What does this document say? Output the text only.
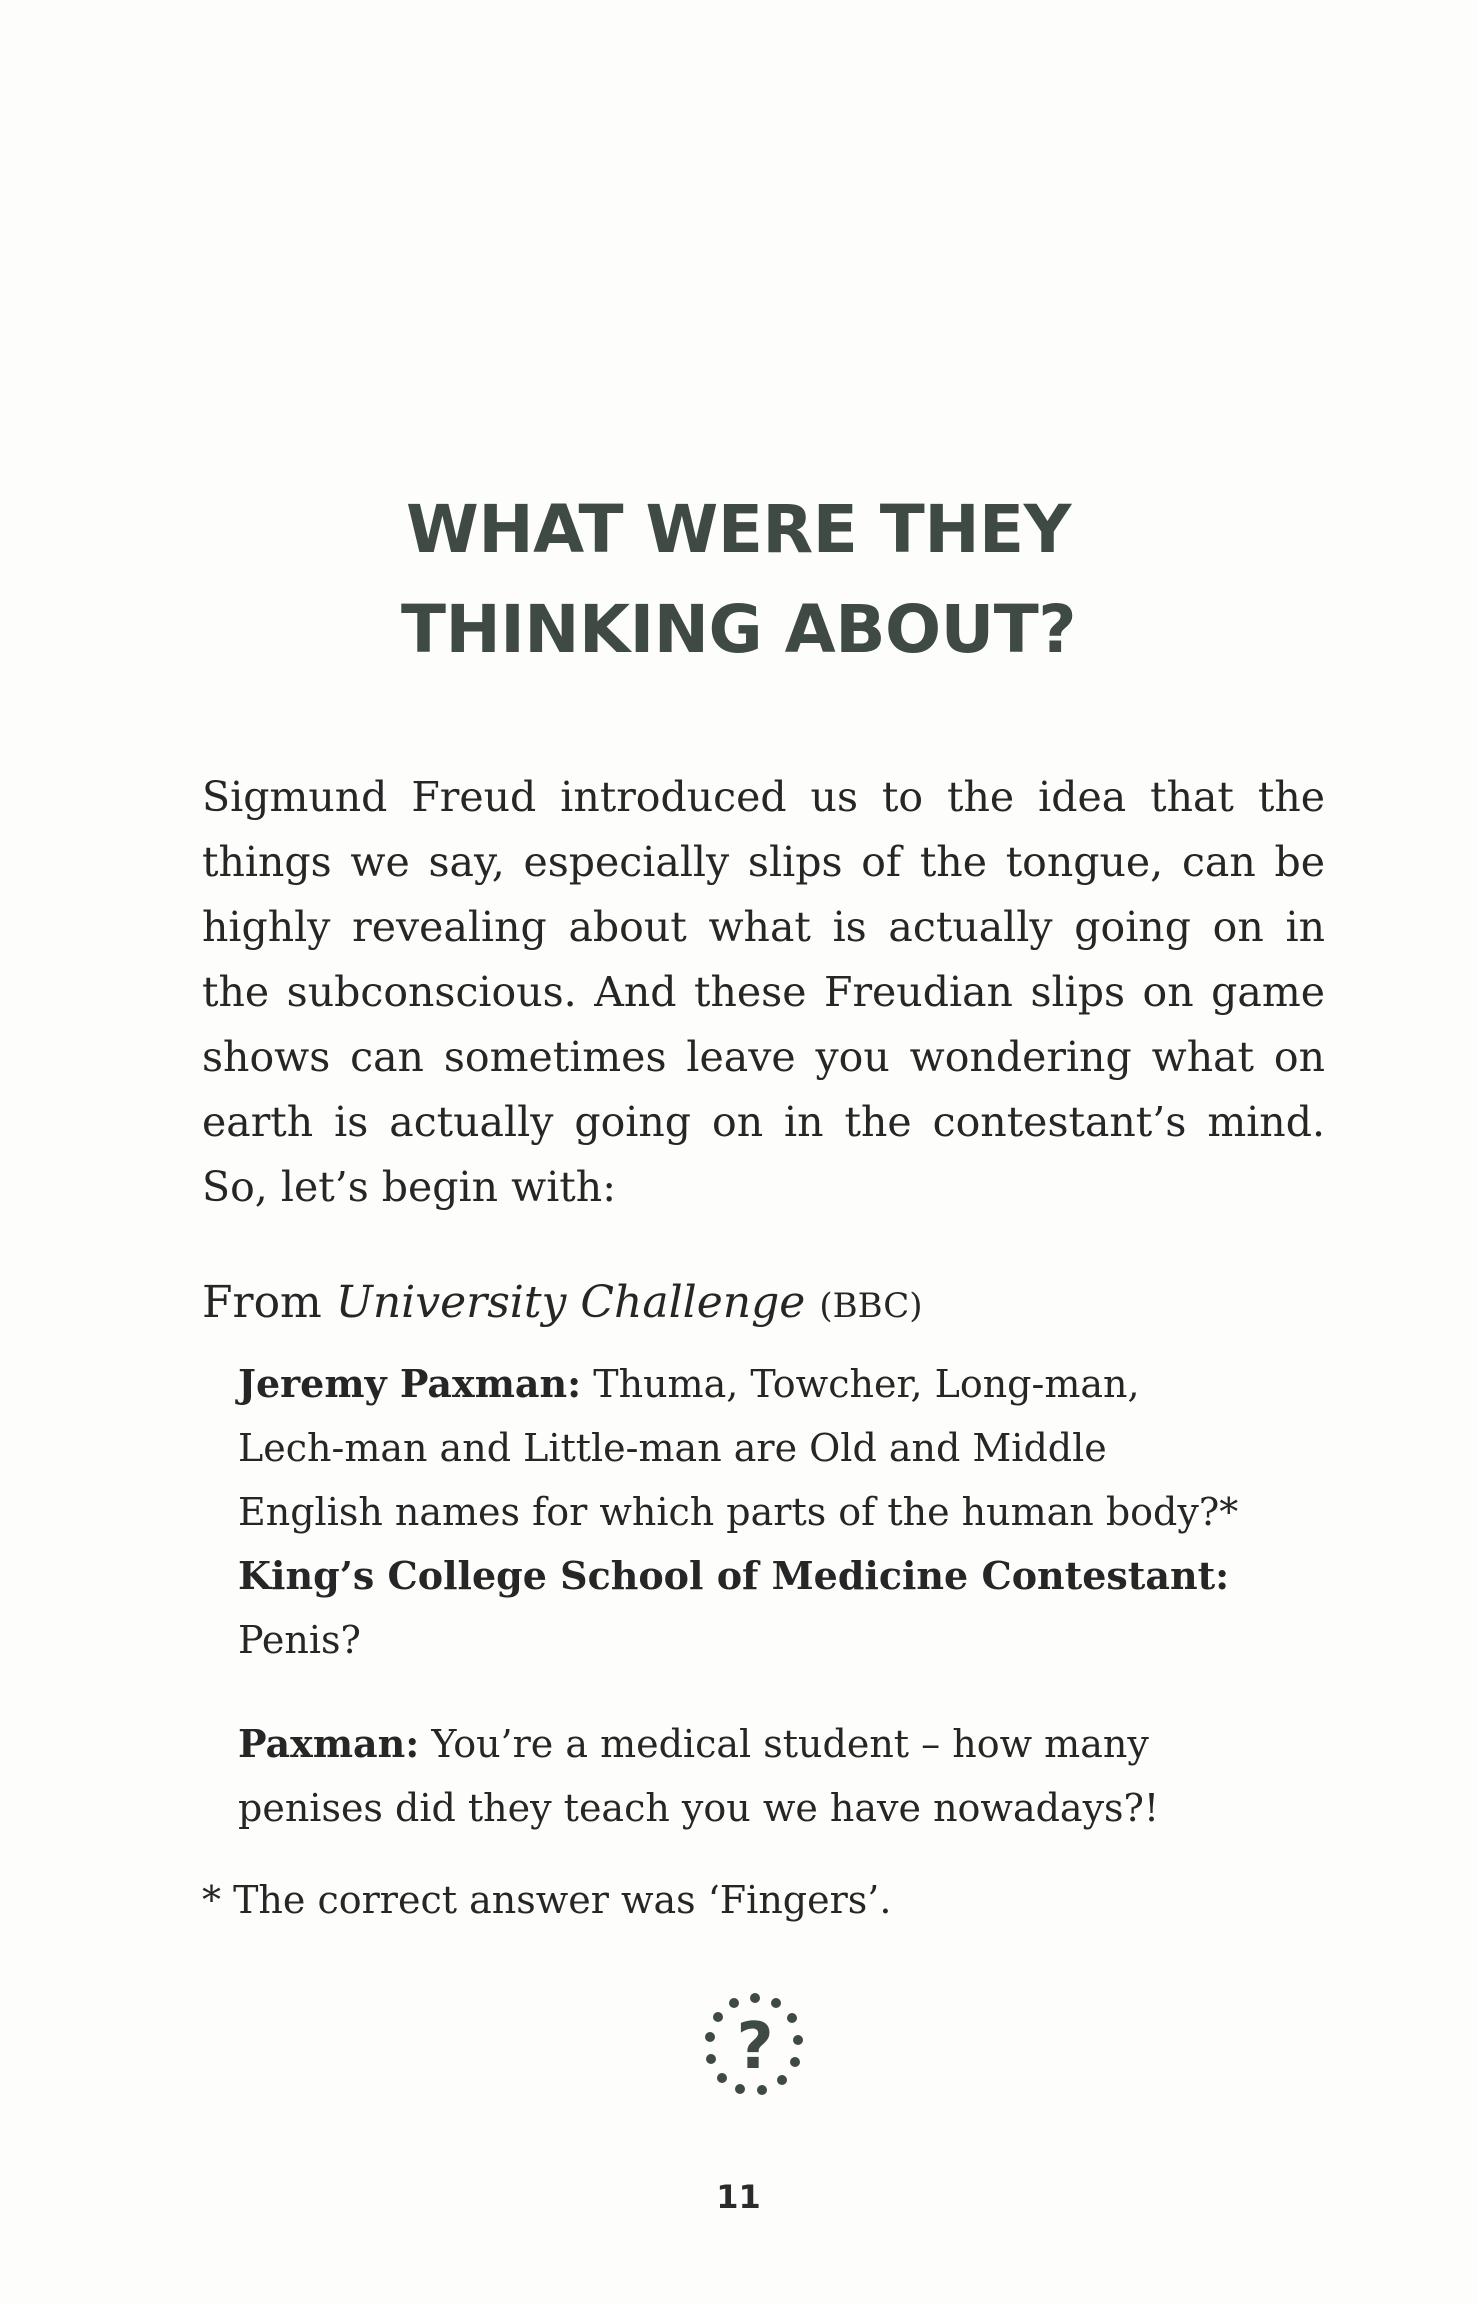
WHAT WERE THEY
THINKING ABOUT?
Sigmund Freud introduced us to the idea that the
things we say, especially slips of the tongue, can be
highly revealing about what is actually going on in
the subconscious. And these Freudian slips on game
shows can sometimes leave you wondering what on
earth is actually going on in the contestant’s mind.
So, let’s begin with:
From University Challenge (BBC)
Jeremy Paxman: Thuma, Towcher, Long-man,
Lech-man and Little-man are Old and Middle
English names for which parts of the human body?*
King’s College School of Medicine Contestant:
Penis?
Paxman: You’re a medical student – how many
penises did they teach you we have nowadays?!
* The correct answer was ‘Fingers’.
?
11
